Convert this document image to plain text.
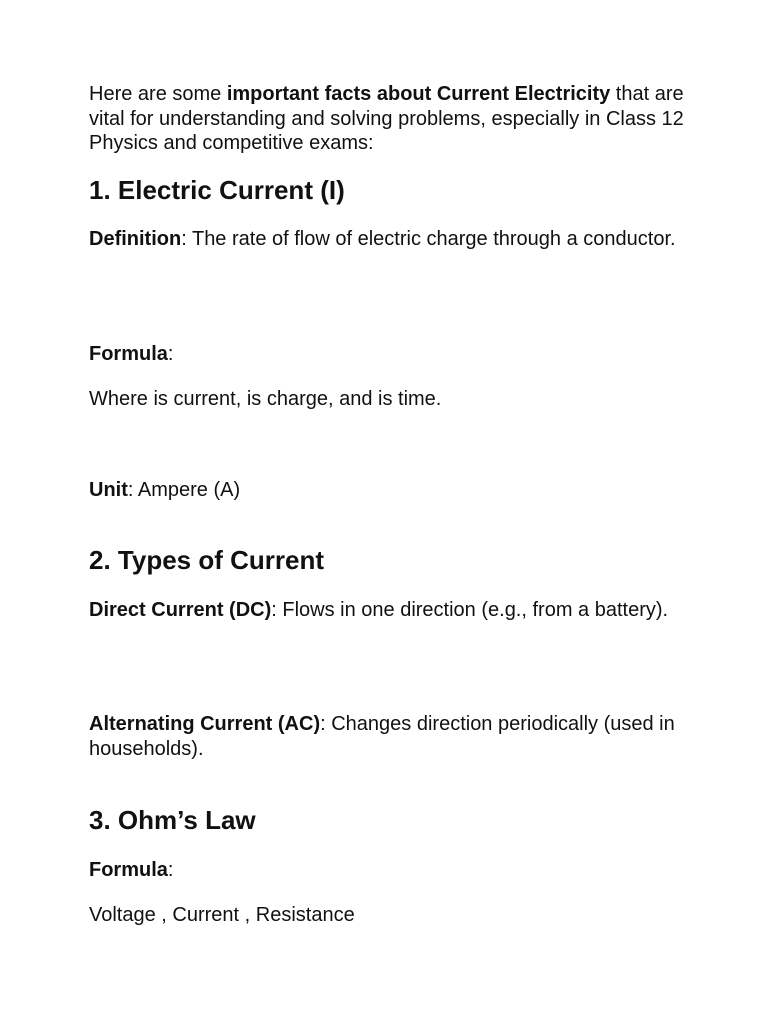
Here are some important facts about Current Electricity that are vital for understanding and solving problems, especially in Class 12 Physics and competitive exams:

1. Electric Current (I)

Definition: The rate of flow of electric charge through a conductor.

Formula:

Where is current, is charge, and is time.

Unit: Ampere (A)

2. Types of Current

Direct Current (DC): Flows in one direction (e.g., from a battery).

Alternating Current (AC): Changes direction periodically (used in households).

3. Ohm’s Law

Formula:

Voltage , Current , Resistance
